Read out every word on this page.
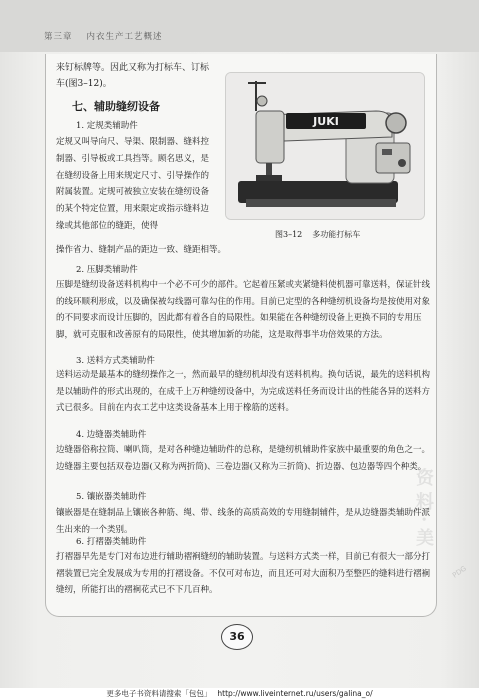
第三章 内衣生产工艺概述
来钉标牌等。因此又称为打标车、订标车(图3–12)。
七、辅助缝纫设备
1. 定规类辅助件
定规又叫导向尺、导渠、限制器、缝料控制器、引导板或工具挡等。顾名思义，是在缝纫设备上用来规定尺寸、引导操作的附属装置。定规可被独立安装在缝纫设备的某个特定位置，用来限定或指示缝料边缘或其他部位的缝距，使得
操作省力、缝制产品的距边一致、缝距相等。
JUKI
图3–12 多功能打标车
2. 压脚类辅助件
压脚是缝纫设备送料机构中一个必不可少的部件。它起着压紧或夹紧缝料使机器可靠送料，保证针线的线环顺利形成，以及确保被勾线器可靠勾住的作用。目前已定型的各种缝纫机设备均是按使用对象的不同要求而设计压脚的，因此都有着各自的局限性。如果能在各种缝纫设备上更换不同的专用压脚，就可克服和改善原有的局限性，使其增加新的功能，这是取得事半功倍效果的方法。
3. 送料方式类辅助件
送料运动是最基本的缝纫操作之一，然而最早的缝纫机却没有送料机构。换句话说，最先的送料机构是以辅助件的形式出现的，在成千上万种缝纫设备中，为完成送料任务而设计出的性能各异的送料方式已很多。目前在内衣工艺中这类设备基本上用于橡筋的送料。
4. 边缝器类辅助件
边缝器俗称拉筒、喇叭筒，是对各种缝边辅助件的总称，是缝纫机辅助件家族中最重要的角色之一。边缝器主要包括双卷边器(又称为两折筒)、三卷边器(又称为三折筒)、折边器、包边器等四个种类。
5. 镶嵌器类辅助件
镶嵌器是在缝制品上镶嵌各种筋、绳、带、线条的高质高效的专用缝制辅件，是从边缝器类辅助件派生出来的一个类别。
6. 打褶器类辅助件
打褶器早先是专门对布边进行辅助褶裥缝纫的辅助装置。与送料方式类一样，目前已有很大一部分打褶装置已完全发展成为专用的打褶设备。不仅可对布边，而且还可对大面积乃至整匹的缝料进行褶裥缝纫，所能打出的褶裥花式已不下几百种。
资料·美
PDG
36
更多电子书资料请搜索「包包」 http://www.liveinternet.ru/users/galina_o/
